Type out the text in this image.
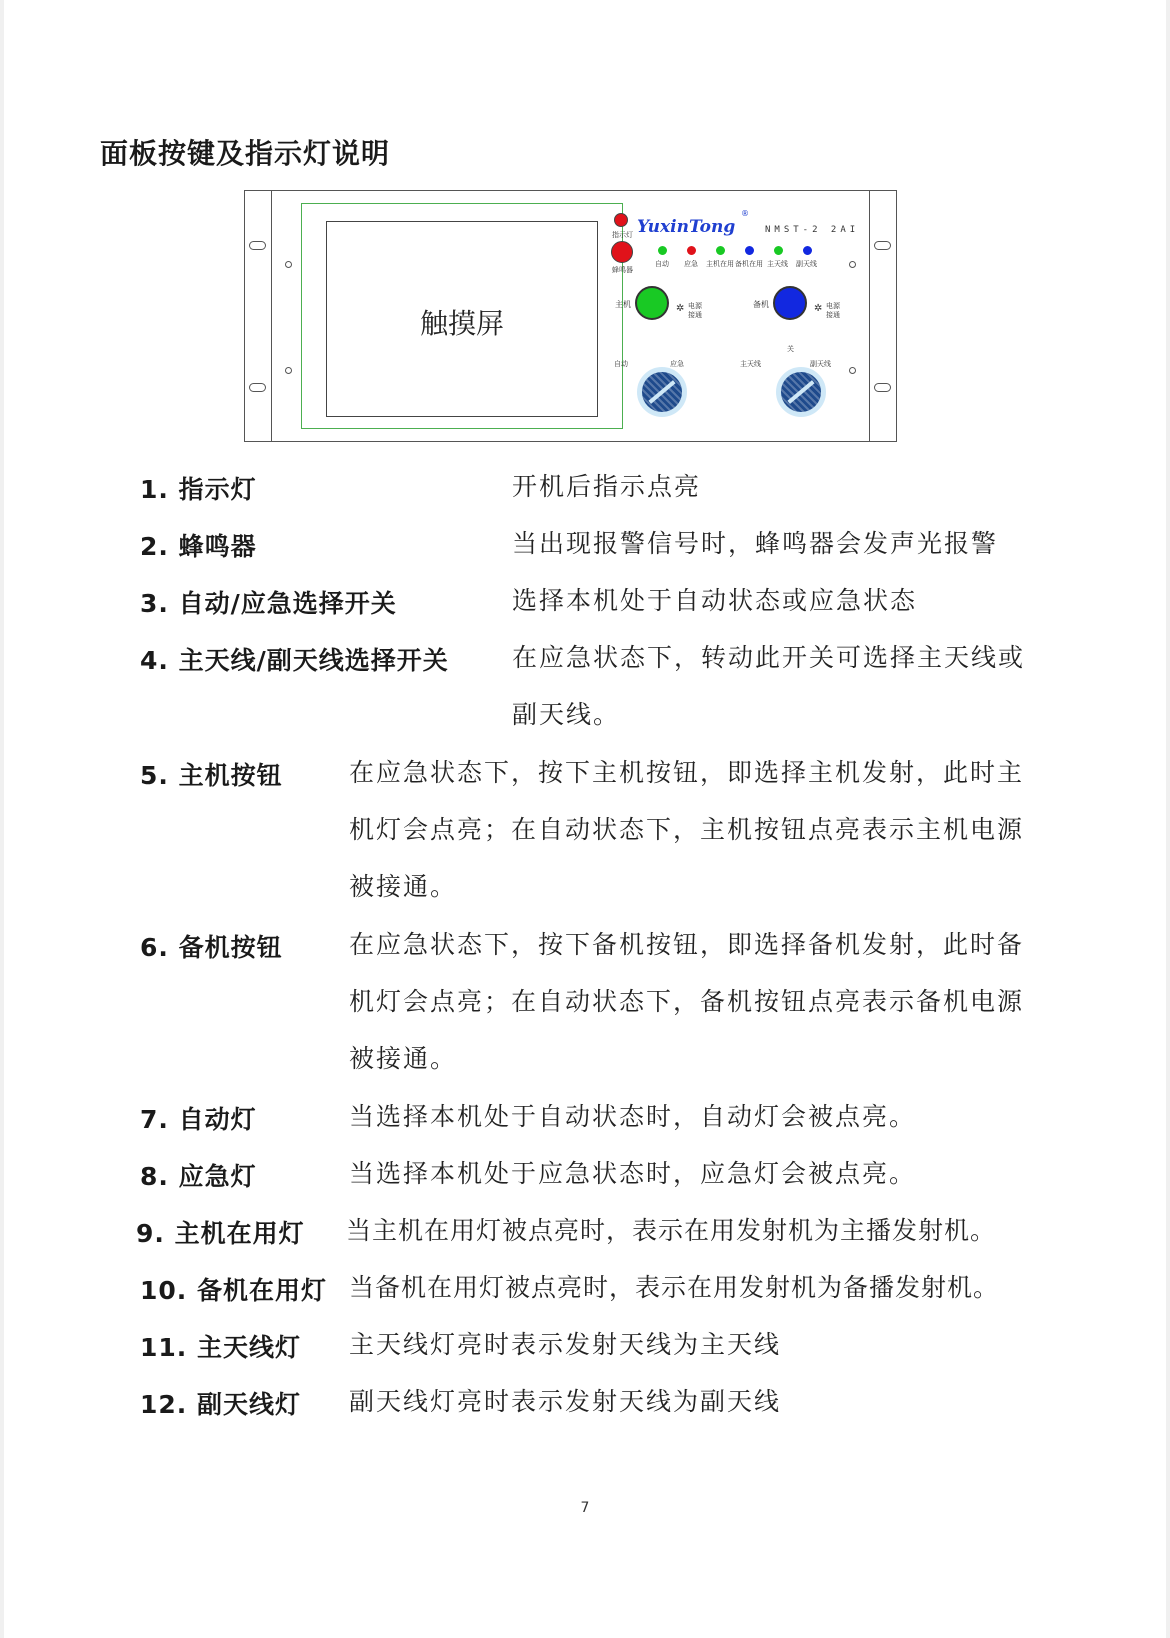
面板按键及指示灯说明
触摸屏
YuxinTong
®
NMST-2 2AI
指示灯
蜂鸣器
自动 应急 主机在用 备机在用 主天线 副天线
主机	✲ 电源
接通
备机	✲ 电源
接通
关
自动	应急	主天线	副天线
1. 指示灯	开机后指示点亮
2. 蜂鸣器	当出现报警信号时，蜂鸣器会发声光报警
3. 自动/应急选择开关	选择本机处于自动状态或应急状态
4. 主天线/副天线选择开关	在应急状态下，转动此开关可选择主天线或
副天线。
5. 主机按钮	在应急状态下，按下主机按钮，即选择主机发射，此时主
机灯会点亮；在自动状态下，主机按钮点亮表示主机电源
被接通。
6. 备机按钮	在应急状态下，按下备机按钮，即选择备机发射，此时备
机灯会点亮；在自动状态下，备机按钮点亮表示备机电源
被接通。
7. 自动灯	当选择本机处于自动状态时，自动灯会被点亮。
8. 应急灯	当选择本机处于应急状态时，应急灯会被点亮。
9. 主机在用灯 当主机在用灯被点亮时，表示在用发射机为主播发射机。
10. 备机在用灯 当备机在用灯被点亮时，表示在用发射机为备播发射机。
11. 主天线灯 主天线灯亮时表示发射天线为主天线
12. 副天线灯 副天线灯亮时表示发射天线为副天线
7
